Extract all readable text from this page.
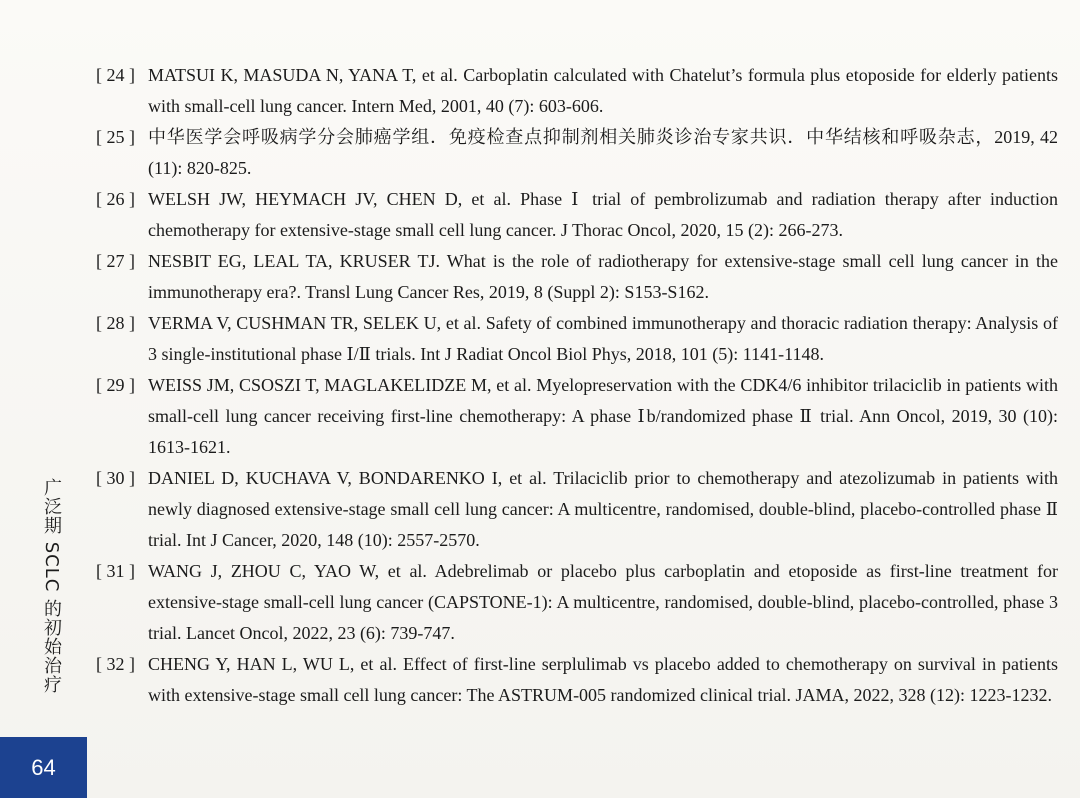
[ 24 ] MATSUI K, MASUDA N, YANA T, et al. Carboplatin calculated with Chatelut’s formula plus etoposide for elderly patients with small-cell lung cancer. Intern Med, 2001, 40 (7): 603-606.
[ 25 ] 中华医学会呼吸病学分会肺癌学组．免疫检查点抑制剂相关肺炎诊治专家共识．中华结核和呼吸杂志，2019, 42 (11): 820-825.
[ 26 ] WELSH JW, HEYMACH JV, CHEN D, et al. Phase Ⅰ trial of pembrolizumab and radiation therapy after induction chemotherapy for extensive-stage small cell lung cancer. J Thorac Oncol, 2020, 15 (2): 266-273.
[ 27 ] NESBIT EG, LEAL TA, KRUSER TJ. What is the role of radiotherapy for extensive-stage small cell lung cancer in the immunotherapy era?. Transl Lung Cancer Res, 2019, 8 (Suppl 2): S153-S162.
[ 28 ] VERMA V, CUSHMAN TR, SELEK U, et al. Safety of combined immunotherapy and thoracic radiation therapy: Analysis of 3 single-institutional phase Ⅰ/Ⅱ trials. Int J Radiat Oncol Biol Phys, 2018, 101 (5): 1141-1148.
[ 29 ] WEISS JM, CSOSZI T, MAGLAKELIDZE M, et al. Myelopreservation with the CDK4/6 inhibitor trilaciclib in patients with small-cell lung cancer receiving first-line chemotherapy: A phase Ⅰb/randomized phase Ⅱ trial. Ann Oncol, 2019, 30 (10): 1613-1621.
[ 30 ] DANIEL D, KUCHAVA V, BONDARENKO I, et al. Trilaciclib prior to chemotherapy and atezolizumab in patients with newly diagnosed extensive-stage small cell lung cancer: A multicentre, randomised, double-blind, placebo-controlled phase Ⅱ trial. Int J Cancer, 2020, 148 (10): 2557-2570.
[ 31 ] WANG J, ZHOU C, YAO W, et al. Adebrelimab or placebo plus carboplatin and etoposide as first-line treatment for extensive-stage small-cell lung cancer (CAPSTONE-1): A multicentre, randomised, double-blind, placebo-controlled, phase 3 trial. Lancet Oncol, 2022, 23 (6): 739-747.
[ 32 ] CHENG Y, HAN L, WU L, et al. Effect of first-line serplulimab vs placebo added to chemotherapy on survival in patients with extensive-stage small cell lung cancer: The ASTRUM-005 randomized clinical trial. JAMA, 2022, 328 (12): 1223-1232.
广泛期 SCLC 的初始治疗
64
